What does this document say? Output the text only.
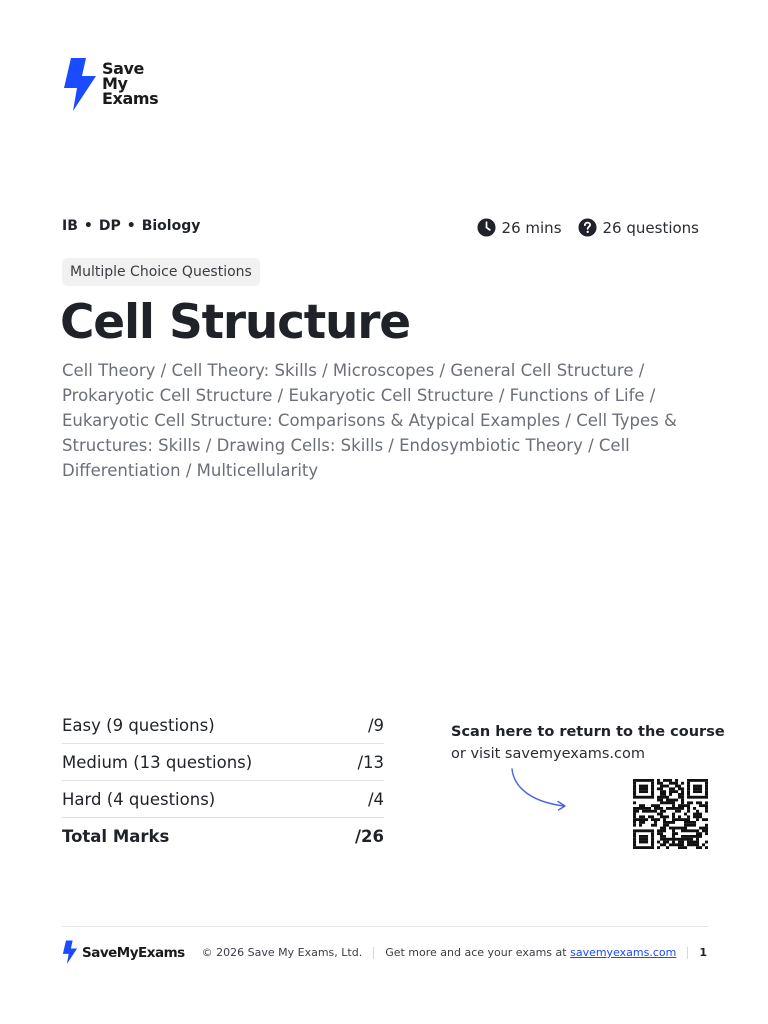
Save
My
Exams
IB • DP • Biology	26 mins	26 questions
Multiple Choice Questions
Cell Structure
Cell Theory / Cell Theory: Skills / Microscopes / General Cell Structure / Prokaryotic Cell Structure / Eukaryotic Cell Structure / Functions of Life / Eukaryotic Cell Structure: Comparisons & Atypical Examples / Cell Types & Structures: Skills / Drawing Cells: Skills / Endosymbiotic Theory / Cell Differentiation / Multicellularity
Easy (9 questions)	/9
Medium (13 questions)	/13
Hard (4 questions)	/4
Total Marks	/26
Scan here to return to the course
or visit savemyexams.com
SaveMyExams © 2026 Save My Exams, Ltd. Get more and ace your exams at savemyexams.com 1
